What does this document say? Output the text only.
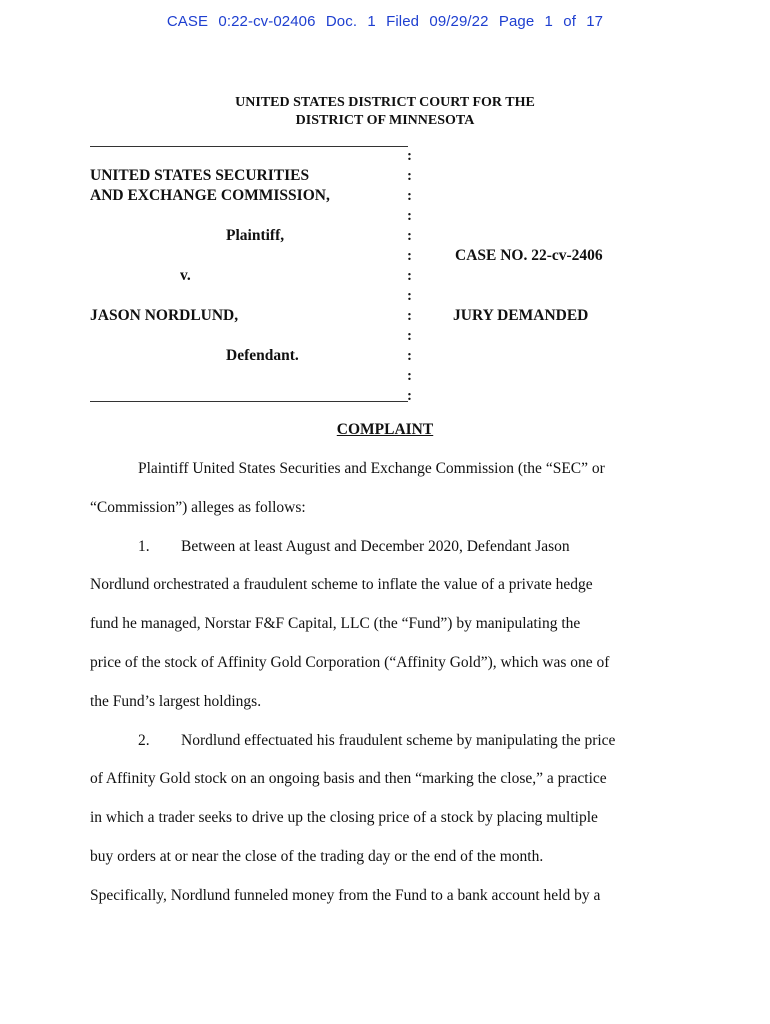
CASE 0:22-cv-02406 Doc. 1 Filed 09/29/22 Page 1 of 17
UNITED STATES DISTRICT COURT FOR THE
DISTRICT OF MINNESOTA
:
:
:
:
:
:
:
:
:
:
:
:
:
UNITED STATES SECURITIES
AND EXCHANGE COMMISSION,
Plaintiff,
v.
JASON NORDLUND,
Defendant.
CASE NO. 22-cv-2406
JURY DEMANDED
COMPLAINT
Plaintiff United States Securities and Exchange Commission (the “SEC” or
“Commission”) alleges as follows:
1. Between at least August and December 2020, Defendant Jason
Nordlund orchestrated a fraudulent scheme to inflate the value of a private hedge
fund he managed, Norstar F&F Capital, LLC (the “Fund”) by manipulating the
price of the stock of Affinity Gold Corporation (“Affinity Gold”), which was one of
the Fund’s largest holdings.
2. Nordlund effectuated his fraudulent scheme by manipulating the price
of Affinity Gold stock on an ongoing basis and then “marking the close,” a practice
in which a trader seeks to drive up the closing price of a stock by placing multiple
buy orders at or near the close of the trading day or the end of the month.
Specifically, Nordlund funneled money from the Fund to a bank account held by a
